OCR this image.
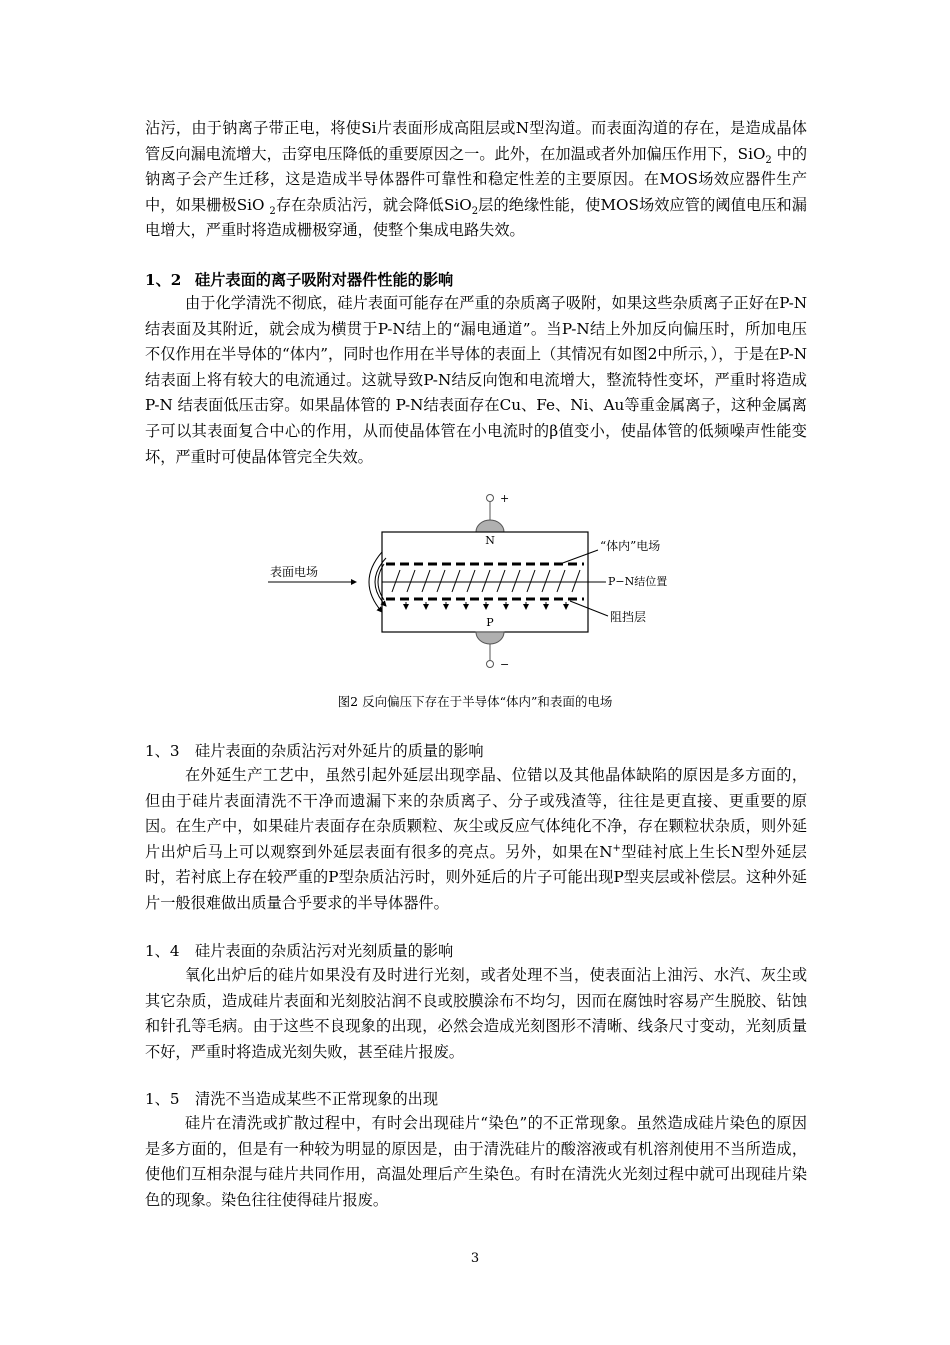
沾污，由于钠离子带正电，将使Si片表面形成高阻层或N型沟道。而表面沟道的存在，是造成晶体管反向漏电流增大，击穿电压降低的重要原因之一。此外，在加温或者外加偏压作用下，SiO$_2$ 中的钠离子会产生迁移，这是造成半导体器件可靠性和稳定性差的主要原因。在MOS场效应器件生产中，如果栅极SiO $_2$存在杂质沾污，就会降低SiO$_2$层的绝缘性能，使MOS场效应管的阈值电压和漏电增大，严重时将造成栅极穿通，使整个集成电路失效。

1、2 硅片表面的离子吸附对器件性能的影响

由于化学清洗不彻底，硅片表面可能存在严重的杂质离子吸附，如果这些杂质离子正好在P-N结表面及其附近，就会成为横贯于P-N结上的“漏电通道”。当P-N结上外加反向偏压时，所加电压不仅作用在半导体的“体内”，同时也作用在半导体的表面上（其情况有如图2中所示，），于是在P-N结表面上将有较大的电流通过。这就导致P-N结反向饱和电流增大，整流特性变坏，严重时将造成 P-N 结表面低压击穿。如果晶体管的 P-N结表面存在Cu、Fe、Ni、Au等重金属离子，这种金属离子可以其表面复合中心的作用，从而使晶体管在小电流时的β值变小，使晶体管的低频噪声性能变坏，严重时可使晶体管完全失效。

+
N
P
表面电场
“体内”电场
P−N结位置
阻挡层
−
图2 反向偏压下存在于半导体“体内”和表面的电场
1、3 硅片表面的杂质沾污对外延片的质量的影响

在外延生产工艺中，虽然引起外延层出现孪晶、位错以及其他晶体缺陷的原因是多方面的，但由于硅片表面清洗不干净而遗漏下来的杂质离子、分子或残渣等，往往是更直接、更重要的原因。在生产中，如果硅片表面存在杂质颗粒、灰尘或反应气体纯化不净，存在颗粒状杂质，则外延片出炉后马上可以观察到外延层表面有很多的亮点。另外，如果在N+型硅衬底上生长N型外延层时，若衬底上存在较严重的P型杂质沾污时，则外延后的片子可能出现P型夹层或补偿层。这种外延片一般很难做出质量合乎要求的半导体器件。

1、4 硅片表面的杂质沾污对光刻质量的影响

氧化出炉后的硅片如果没有及时进行光刻，或者处理不当，使表面沾上油污、水汽、灰尘或其它杂质，造成硅片表面和光刻胶沾润不良或胶膜涂布不均匀，因而在腐蚀时容易产生脱胶、钻蚀和针孔等毛病。由于这些不良现象的出现，必然会造成光刻图形不清晰、线条尺寸变动，光刻质量不好，严重时将造成光刻失败，甚至硅片报废。

1、5 清洗不当造成某些不正常现象的出现

硅片在清洗或扩散过程中，有时会出现硅片“染色”的不正常现象。虽然造成硅片染色的原因是多方面的，但是有一种较为明显的原因是，由于清洗硅片的酸溶液或有机溶剂使用不当所造成，使他们互相杂混与硅片共同作用，高温处理后产生染色。有时在清洗火光刻过程中就可出现硅片染色的现象。染色往往使得硅片报废。

3
